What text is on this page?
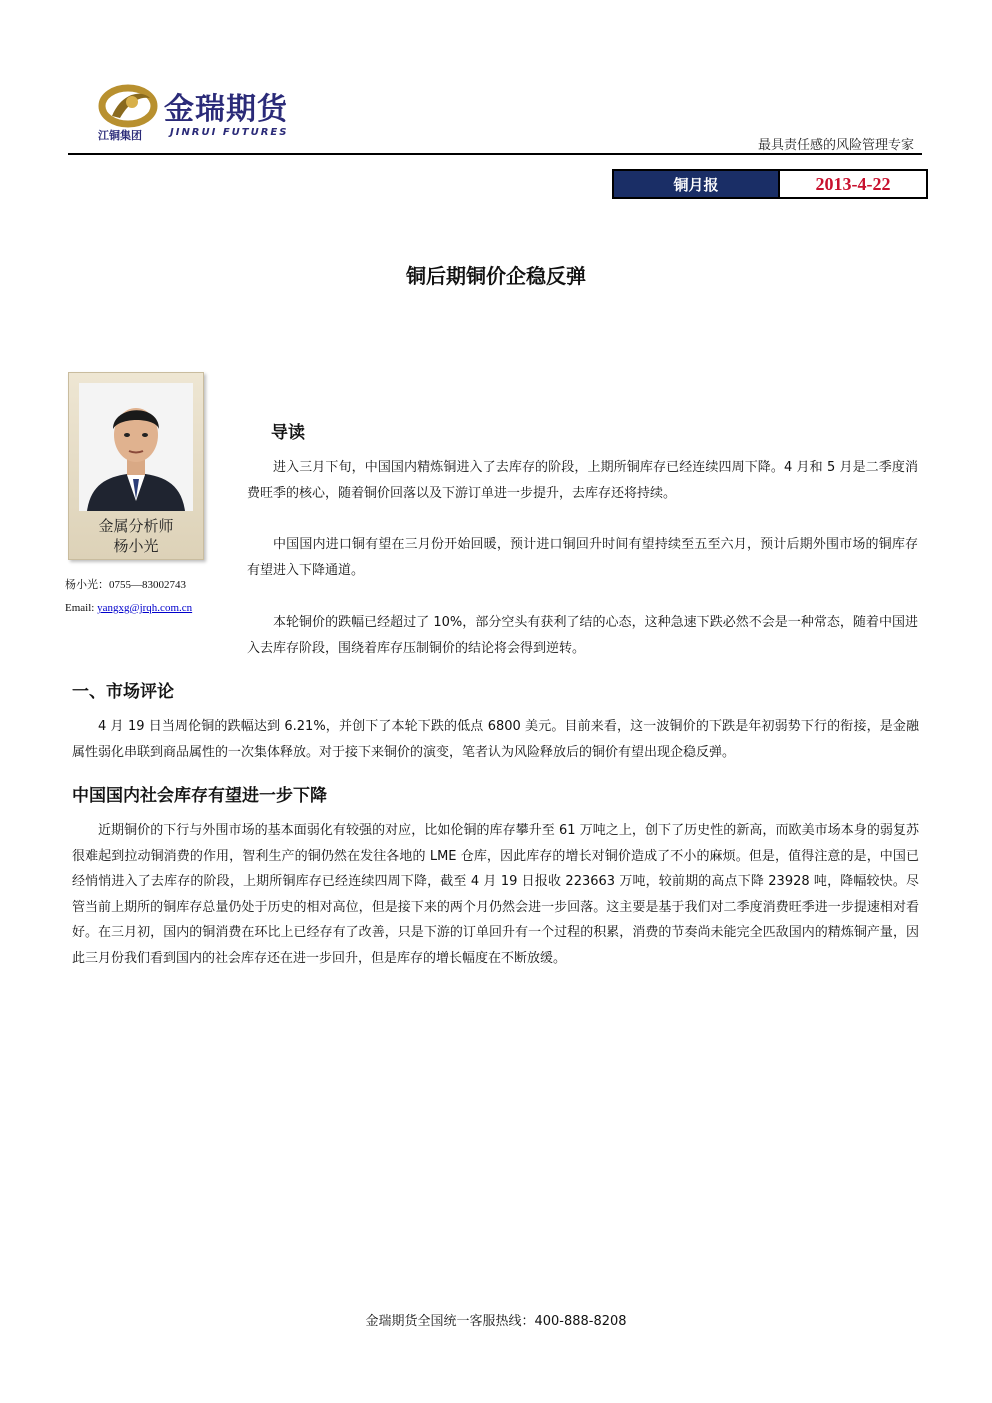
金瑞期货
江铜集团	JINRUI FUTURES
最具责任感的风险管理专家
铜月报	2013-4-22
铜后期铜价企稳反弹
金属分析师
杨小光
杨小光：0755—83002743
Email: yangxg@jrqh.com.cn
导读

进入三月下旬，中国国内精炼铜进入了去库存的阶段，上期所铜库存已经连续四周下降。4 月和 5 月是二季度消费旺季的核心，随着铜价回落以及下游订单进一步提升，去库存还将持续。

中国国内进口铜有望在三月份开始回暖，预计进口铜回升时间有望持续至五至六月，预计后期外围市场的铜库存有望进入下降通道。

本轮铜价的跌幅已经超过了 10%，部分空头有获利了结的心态，这种急速下跌必然不会是一种常态，随着中国进入去库存阶段，围绕着库存压制铜价的结论将会得到逆转。

一、市场评论

4 月 19 日当周伦铜的跌幅达到 6.21%，并创下了本轮下跌的低点 6800 美元。目前来看，这一波铜价的下跌是年初弱势下行的衔接，是金融属性弱化串联到商品属性的一次集体释放。对于接下来铜价的演变，笔者认为风险释放后的铜价有望出现企稳反弹。

中国国内社会库存有望进一步下降

近期铜价的下行与外围市场的基本面弱化有较强的对应，比如伦铜的库存攀升至 61 万吨之上，创下了历史性的新高，而欧美市场本身的弱复苏很难起到拉动铜消费的作用，智利生产的铜仍然在发往各地的 LME 仓库，因此库存的增长对铜价造成了不小的麻烦。但是，值得注意的是，中国已经悄悄进入了去库存的阶段，上期所铜库存已经连续四周下降，截至 4 月 19 日报收 223663 万吨，较前期的高点下降 23928 吨，降幅较快。尽管当前上期所的铜库存总量仍处于历史的相对高位，但是接下来的两个月仍然会进一步回落。这主要是基于我们对二季度消费旺季进一步提速相对看好。在三月初，国内的铜消费在环比上已经存有了改善，只是下游的订单回升有一个过程的积累，消费的节奏尚未能完全匹敌国内的精炼铜产量，因此三月份我们看到国内的社会库存还在进一步回升，但是库存的增长幅度在不断放缓。

金瑞期货全国统一客服热线：400-888-8208
